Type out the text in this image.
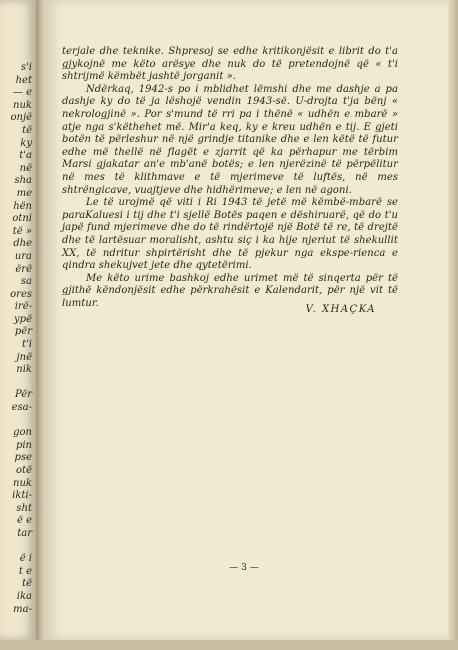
s'i
het
— e
nuk
onjë
të
ky
t'a
në
sha
me
hën
otni
të »
dhe
ura
ërë
sa
ores
irë-
ypë
për
t'i
jnë
nik
Për
esa-
gon
pin
pse
otë
nuk
ikti-
sht
ë e
tar
ë i
t e
të
ika
ma-

terjale dhe teknike. Shpresoj se edhe kritikonjësit e librit do t'a gjykojnë me këto arësye dhe nuk do të pretendojnë që « t'i shtrijmë këmbët jashtë jorganit ».

Ndërkaq, 1942-s po i mblidhet lëmshi dhe me dashje a pa dashje ky do të ja lëshojë vendin 1943-së. U-drojta t'ja bënj « nekrologjinë ». Por s'mund të rri pa i thënë « udhën e mbarë » atje nga s'këthehet më. Mir'a keq, ky e kreu udhën e tij. E gjeti botën të përleshur në një grindje titanike dhe e len këtë të futur edhe më thellë në flagët e zjarrit që ka përhapur me tërbim Marsi gjakatar an'e mb'anë botës; e len njerëzinë të përpëlitur në mes të klithmave e të mjerimeve të luftës, në mes shtrëngicave, vuajtjeve dhe hidhërimeve; e len në agoni.

Le të urojmë që viti i Ri 1943 të jetë më këmbë-mbarë se paraKaluesi i tij dhe t'i sjellë Botës paqen e dëshiruarë, që do t'u japë fund mjerimeve dhe do të rindërtojë një Botë të re, të drejtë dhe të lartësuar moralisht, ashtu siç i ka hije njeriut të shekullit XX, të ndritur shpirtërisht dhe të pjekur nga ekspe-rienca e qindra shekujvet jete dhe qytetërimi.

Me këto urime bashkoj edhe urimet më të sinqerta për të gjithë këndonjësit edhe përkrahësit e Kalendarit, për një vit të lumtur.

V. XHAÇKA
— 3 —
